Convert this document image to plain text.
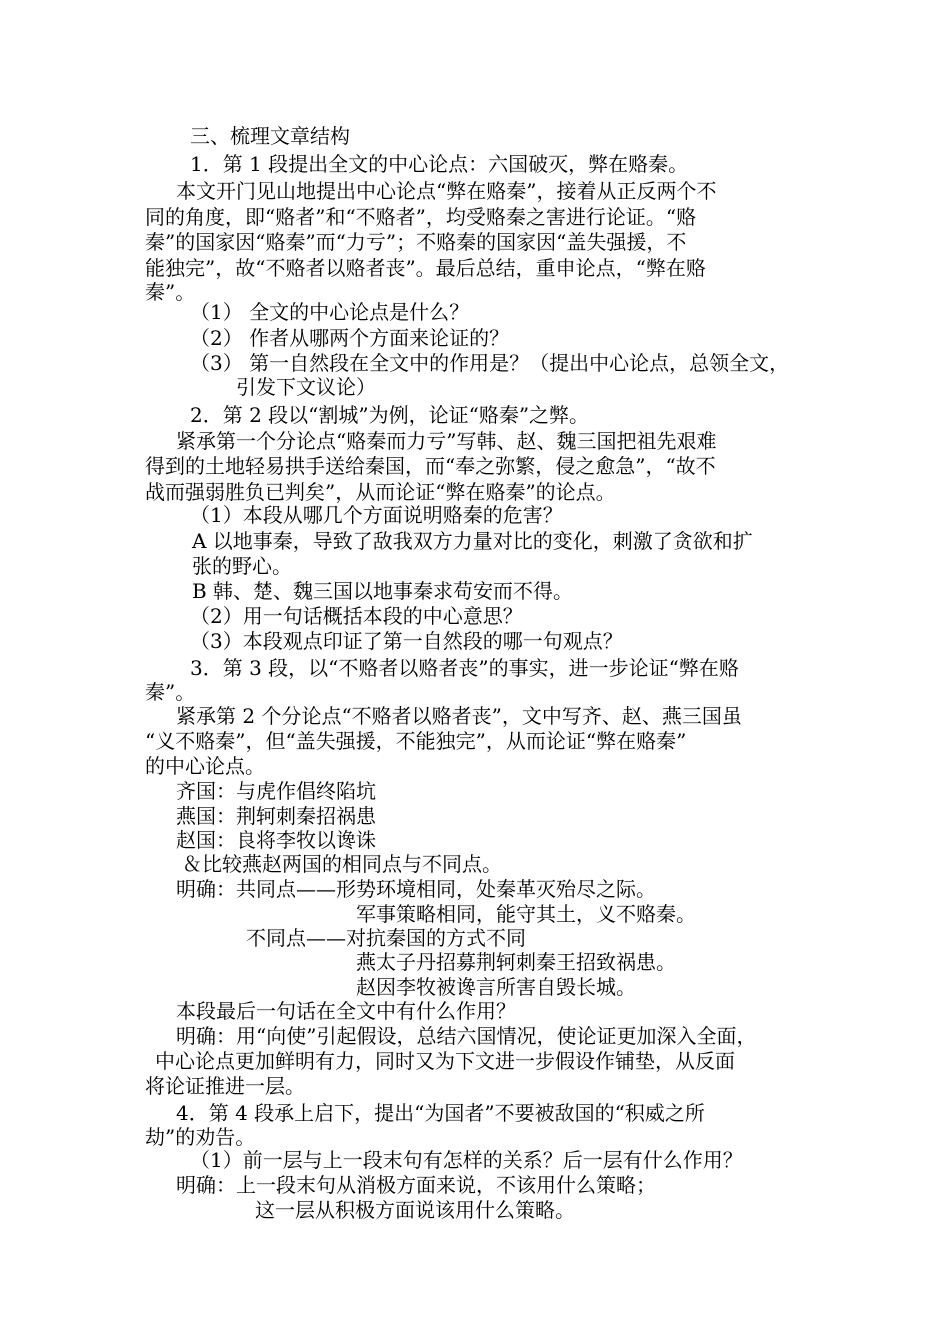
三、梳理文章结构
1．第 1 段提出全文的中心论点：六国破灭，弊在赂秦。
本文开门见山地提出中心论点“弊在赂秦”，接着从正反两个不
同的角度，即“赂者”和“不赂者”，均受赂秦之害进行论证。“赂
秦”的国家因“赂秦”而“力亏”；不赂秦的国家因“盖失强援，不
能独完”，故“不赂者以赂者丧”。最后总结，重申论点，“弊在赂
秦”。
（1） 全文的中心论点是什么？
（2） 作者从哪两个方面来论证的？
（3） 第一自然段在全文中的作用是？（提出中心论点，总领全文，
引发下文议论）
2．第 2 段以“割城”为例，论证“赂秦”之弊。
紧承第一个分论点“赂秦而力亏”写韩、赵、魏三国把祖先艰难
得到的土地轻易拱手送给秦国，而“奉之弥繁，侵之愈急”，“故不
战而强弱胜负已判矣”，从而论证“弊在赂秦”的论点。
（1）本段从哪几个方面说明赂秦的危害？
A 以地事秦，导致了敌我双方力量对比的变化，刺激了贪欲和扩
张的野心。
B 韩、楚、魏三国以地事秦求苟安而不得。
（2）用一句话概括本段的中心意思？
（3）本段观点印证了第一自然段的哪一句观点？
3．第 3 段，以“不赂者以赂者丧”的事实，进一步论证“弊在赂
秦”。
紧承第 2 个分论点“不赂者以赂者丧”，文中写齐、赵、燕三国虽
“义不赂秦”，但“盖失强援，不能独完”，从而论证“弊在赂秦”
的中心论点。
齐国：与虎作倡终陷坑
燕国：荆轲刺秦招祸患
赵国：良将李牧以谗诛
＆比较燕赵两国的相同点与不同点。
明确：共同点——形势环境相同，处秦革灭殆尽之际。
军事策略相同，能守其土，义不赂秦。
不同点——对抗秦国的方式不同
燕太子丹招募荆轲刺秦王招致祸患。
赵因李牧被谗言所害自毁长城。
本段最后一句话在全文中有什么作用？
明确：用“向使”引起假设，总结六国情况，使论证更加深入全面，
中心论点更加鲜明有力，同时又为下文进一步假设作铺垫，从反面
将论证推进一层。
4．第 4 段承上启下，提出“为国者”不要被敌国的“积威之所
劫”的劝告。
（1）前一层与上一段末句有怎样的关系？后一层有什么作用？
明确：上一段末句从消极方面来说，不该用什么策略；
这一层从积极方面说该用什么策略。
